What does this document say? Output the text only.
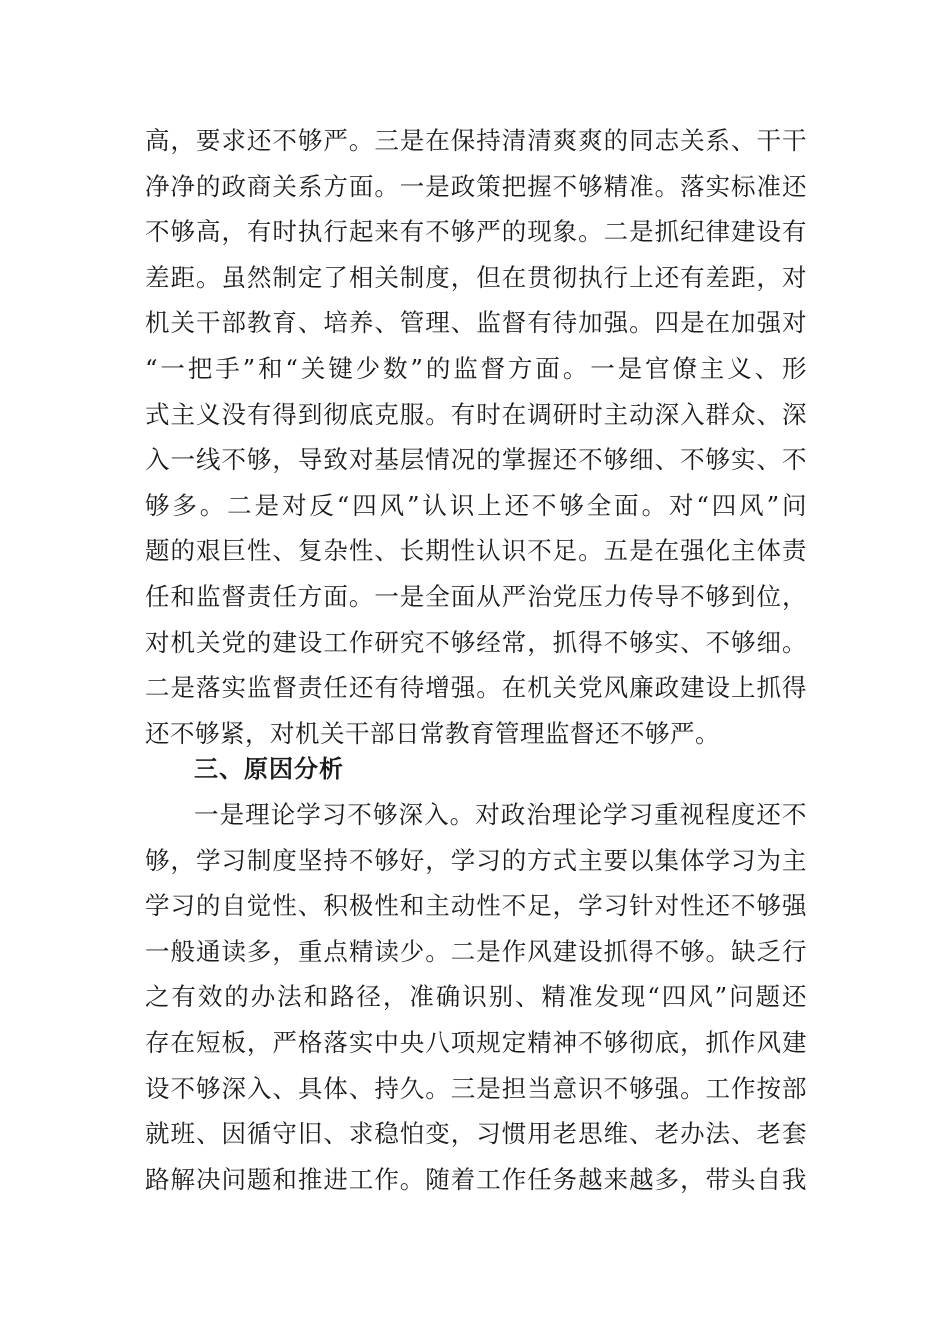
高，要求还不够严。三是在保持清清爽爽的同志关系、干干
净净的政商关系方面。一是政策把握不够精准。落实标准还
不够高，有时执行起来有不够严的现象。二是抓纪律建设有
差距。虽然制定了相关制度，但在贯彻执行上还有差距，对
机关干部教育、培养、管理、监督有待加强。四是在加强对
“一把手”和“关键少数”的监督方面。一是官僚主义、形
式主义没有得到彻底克服。有时在调研时主动深入群众、深
入一线不够，导致对基层情况的掌握还不够细、不够实、不
够多。二是对反“四风”认识上还不够全面。对“四风”问
题的艰巨性、复杂性、长期性认识不足。五是在强化主体责
任和监督责任方面。一是全面从严治党压力传导不够到位，
对机关党的建设工作研究不够经常，抓得不够实、不够细。
二是落实监督责任还有待增强。在机关党风廉政建设上抓得
还不够紧，对机关干部日常教育管理监督还不够严。
三、原因分析
一是理论学习不够深入。对政治理论学习重视程度还不
够，学习制度坚持不够好，学习的方式主要以集体学习为主
学习的自觉性、积极性和主动性不足，学习针对性还不够强
一般通读多，重点精读少。二是作风建设抓得不够。缺乏行
之有效的办法和路径，准确识别、精准发现“四风”问题还
存在短板，严格落实中央八项规定精神不够彻底，抓作风建
设不够深入、具体、持久。三是担当意识不够强。工作按部
就班、因循守旧、求稳怕变，习惯用老思维、老办法、老套
路解决问题和推进工作。随着工作任务越来越多，带头自我
